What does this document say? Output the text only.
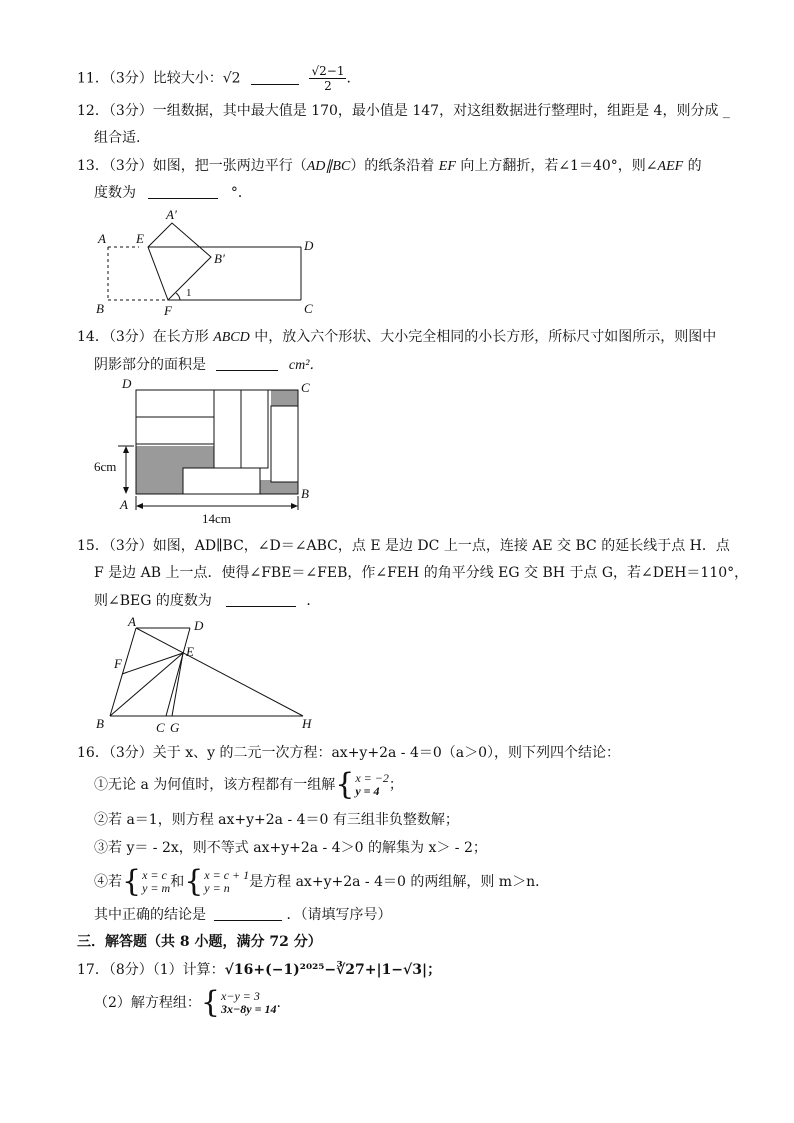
11．（3分）比较大小：√2	$\frac{√2-1}{2}$ .
12．（3分）一组数据，其中最大值是 170，最小值是 147，对这组数据进行整理时，组距是 4，则分成 _
组合适.
13．（3分）如图，把一张两边平行（AD∥BC）的纸条沿着 EF 向上方翻折，若∠1＝40°，则∠AEF 的
度数为	°．
A E
A′
D
B′
1
B	F	C
14．（3分）在长方形 ABCD 中，放入六个形状、大小完全相同的小长方形，所标尺寸如图所示，则图中
阴影部分的面积是	cm²．
D	C
A
B
6cm
14cm
15．（3分）如图，AD∥BC，∠D＝∠ABC，点 E 是边 DC 上一点，连接 AE 交 BC 的延长线于点 H．点
F 是边 AB 上一点．使得∠FBE＝∠FEB，作∠FEH 的角平分线 EG 交 BH 于点 G，若∠DEH＝110°，
则∠BEG 的度数为	．
A	D
F
E
B	C G	H
16．（3分）关于 x、y 的二元一次方程：ax+y+2a - 4＝0（a＞0），则下列四个结论：
①无论 a 为何值时，该方程都有一组解 { x = −2
y = 4 ；
②若 a＝1，则方程 ax+y+2a - 4＝0 有三组非负整数解；
③若 y＝ - 2x，则不等式 ax+y+2a - 4＞0 的解集为 x＞ - 2；
④若 { x = c
y = m 和 { x = c + 1
y = n	是方程 ax+y+2a - 4＝0 的两组解，则 m＞n．
其中正确的结论是	．（请填写序号）
三．解答题（共 8 小题，满分 72 分）
17．（8分）（1）计算：√16+(−1)²⁰²⁵−∛27+|1−√3|；
（2）解方程组： { x−y = 3
3x−8y = 14 .
